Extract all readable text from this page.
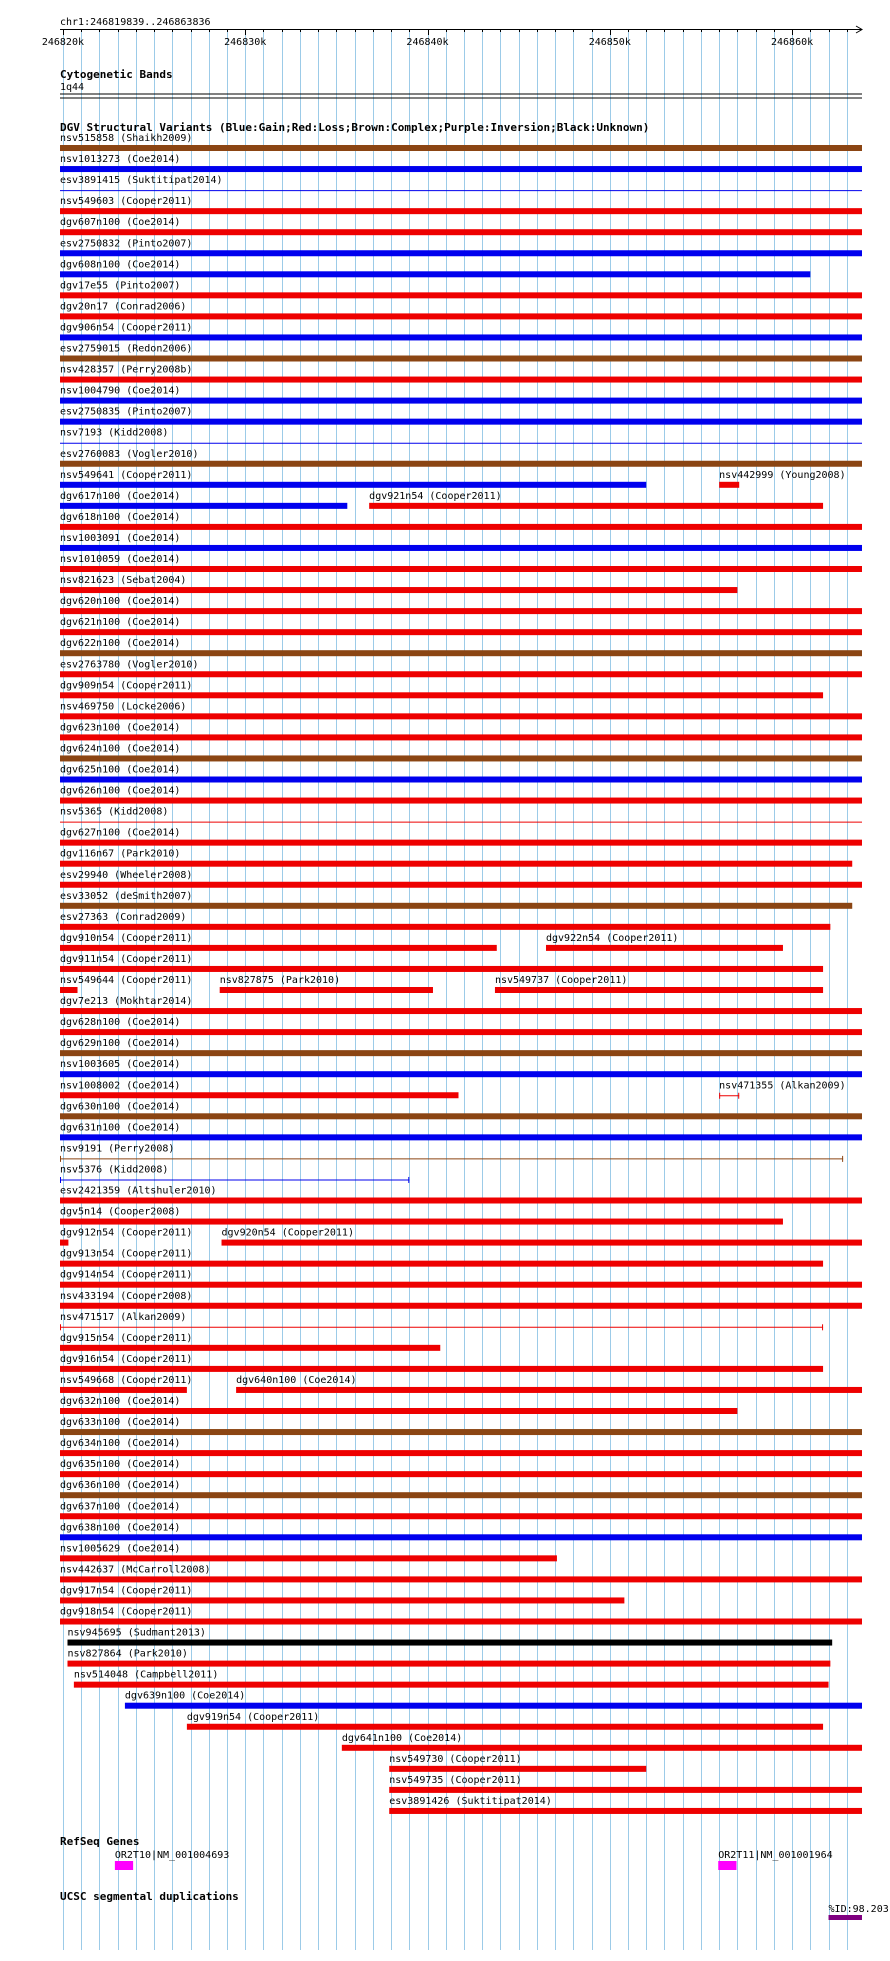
chr1:246819839..246863836
246820k	246830k	246840k	246850k	246860k
Cytogenetic Bands
1q44
DGV Structural Variants (Blue:Gain;Red:Loss;Brown:Complex;Purple:Inversion;Black:Unknown)
nsv515858 (Shaikh2009)
nsv1013273 (Coe2014)
esv3891415 (Suktitipat2014)
nsv549603 (Cooper2011)
dgv607n100 (Coe2014)
esv2750832 (Pinto2007)
dgv608n100 (Coe2014)
dgv17e55 (Pinto2007)
dgv20n17 (Conrad2006)
dgv906n54 (Cooper2011)
esv2759015 (Redon2006)
nsv428357 (Perry2008b)
nsv1004790 (Coe2014)
esv2750835 (Pinto2007)
nsv7193 (Kidd2008)
esv2760083 (Vogler2010)
nsv549641 (Cooper2011)	nsv442999 (Young2008)
dgv617n100 (Coe2014)	dgv921n54 (Cooper2011)
dgv618n100 (Coe2014)
nsv1003091 (Coe2014)
nsv1010059 (Coe2014)
nsv821623 (Sebat2004)
dgv620n100 (Coe2014)
dgv621n100 (Coe2014)
dgv622n100 (Coe2014)
esv2763780 (Vogler2010)
dgv909n54 (Cooper2011)
nsv469750 (Locke2006)
dgv623n100 (Coe2014)
dgv624n100 (Coe2014)
dgv625n100 (Coe2014)
dgv626n100 (Coe2014)
nsv5365 (Kidd2008)
dgv627n100 (Coe2014)
dgv116n67 (Park2010)
esv29940 (Wheeler2008)
esv33052 (deSmith2007)
esv27363 (Conrad2009)
dgv910n54 (Cooper2011)	dgv922n54 (Cooper2011)
dgv911n54 (Cooper2011)
nsv549644 (Cooper2011)	nsv827875 (Park2010)	nsv549737 (Cooper2011)
dgv7e213 (Mokhtar2014)
dgv628n100 (Coe2014)
dgv629n100 (Coe2014)
nsv1003605 (Coe2014)
nsv1008002 (Coe2014)	nsv471355 (Alkan2009)
dgv630n100 (Coe2014)
dgv631n100 (Coe2014)
nsv9191 (Perry2008)
nsv5376 (Kidd2008)
esv2421359 (Altshuler2010)
dgv5n14 (Cooper2008)
dgv912n54 (Cooper2011)	dgv920n54 (Cooper2011)
dgv913n54 (Cooper2011)
dgv914n54 (Cooper2011)
nsv433194 (Cooper2008)
nsv471517 (Alkan2009)
dgv915n54 (Cooper2011)
dgv916n54 (Cooper2011)
nsv549668 (Cooper2011)	dgv640n100 (Coe2014)
dgv632n100 (Coe2014)
dgv633n100 (Coe2014)
dgv634n100 (Coe2014)
dgv635n100 (Coe2014)
dgv636n100 (Coe2014)
dgv637n100 (Coe2014)
dgv638n100 (Coe2014)
nsv1005629 (Coe2014)
nsv442637 (McCarroll2008)
dgv917n54 (Cooper2011)
dgv918n54 (Cooper2011)
nsv945695 (Sudmant2013)
nsv827864 (Park2010)
nsv514048 (Campbell2011)
dgv639n100 (Coe2014)
dgv919n54 (Cooper2011)
dgv641n100 (Coe2014)
nsv549730 (Cooper2011)
nsv549735 (Cooper2011)
esv3891426 (Suktitipat2014)
RefSeq Genes
OR2T10|NM_001004693	OR2T11|NM_001001964
UCSC segmental duplications
%ID:98.203
